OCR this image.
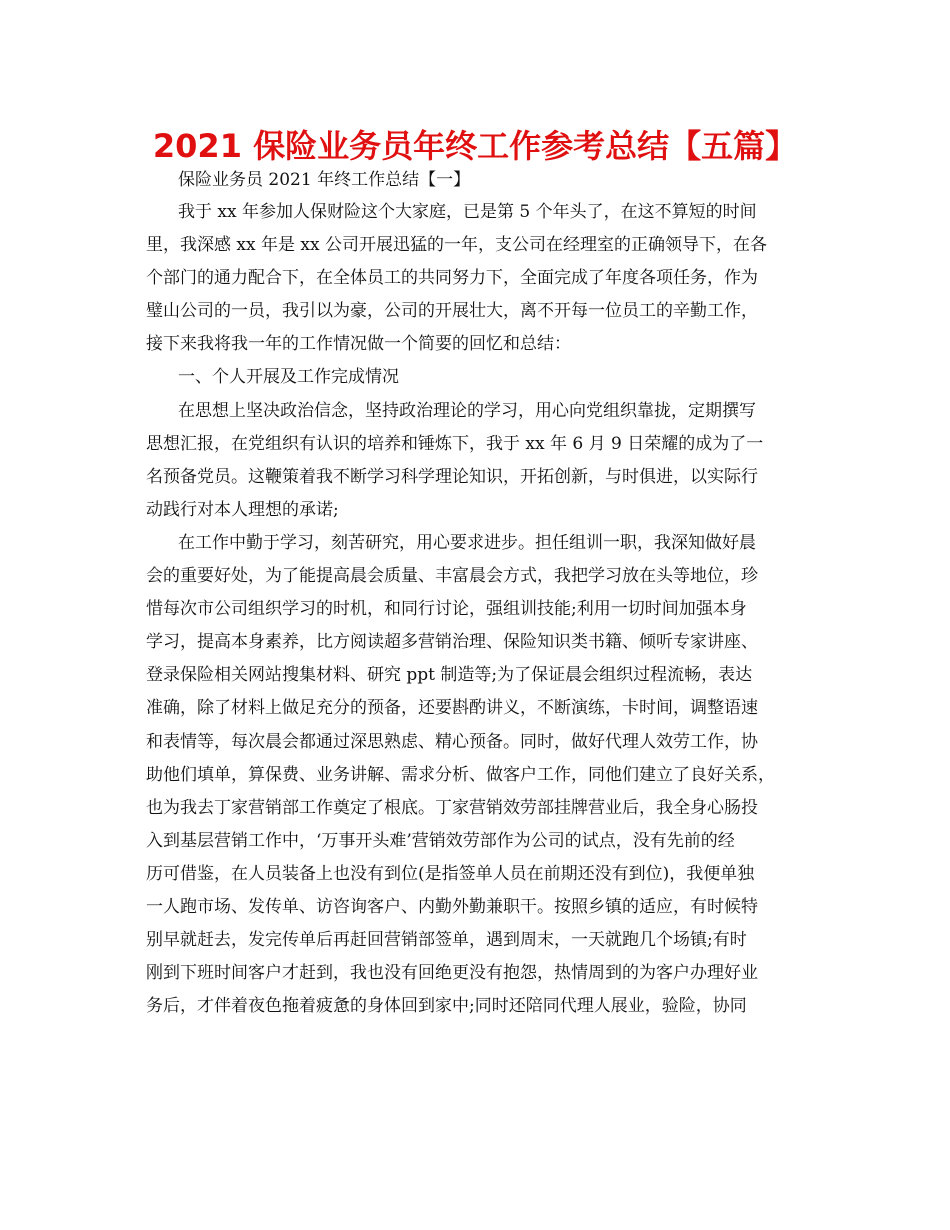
2021 保险业务员年终工作参考总结【五篇】
保险业务员 2021 年终工作总结【一】
我于 xx 年参加人保财险这个大家庭，已是第 5 个年头了，在这不算短的时间
里，我深感 xx 年是 xx 公司开展迅猛的一年，支公司在经理室的正确领导下，在各
个部门的通力配合下，在全体员工的共同努力下，全面完成了年度各项任务，作为
璧山公司的一员，我引以为豪，公司的开展壮大，离不开每一位员工的辛勤工作，
接下来我将我一年的工作情况做一个简要的回忆和总结：
一、个人开展及工作完成情况
在思想上坚决政治信念，坚持政治理论的学习，用心向党组织靠拢，定期撰写
思想汇报，在党组织有认识的培养和锤炼下，我于 xx 年 6 月 9 日荣耀的成为了一
名预备党员。这鞭策着我不断学习科学理论知识，开拓创新，与时俱进，以实际行
动践行对本人理想的承诺;
在工作中勤于学习，刻苦研究，用心要求进步。担任组训一职，我深知做好晨
会的重要好处，为了能提高晨会质量、丰富晨会方式，我把学习放在头等地位，珍
惜每次市公司组织学习的时机，和同行讨论，强组训技能;利用一切时间加强本身
学习，提高本身素养，比方阅读超多营销治理、保险知识类书籍、倾听专家讲座、
登录保险相关网站搜集材料、研究 ppt 制造等;为了保证晨会组织过程流畅，表达
准确，除了材料上做足充分的预备，还要斟酌讲义，不断演练，卡时间，调整语速
和表情等，每次晨会都通过深思熟虑、精心预备。同时，做好代理人效劳工作，协
助他们填单，算保费、业务讲解、需求分析、做客户工作，同他们建立了良好关系，
也为我去丁家营销部工作奠定了根底。丁家营销效劳部挂牌营业后，我全身心肠投
入到基层营销工作中，‘万事开头难’营销效劳部作为公司的试点，没有先前的经
历可借鉴，在人员装备上也没有到位(是指签单人员在前期还没有到位)，我便单独
一人跑市场、发传单、访咨询客户、内勤外勤兼职干。按照乡镇的适应，有时候特
别早就赶去，发完传单后再赶回营销部签单，遇到周末，一天就跑几个场镇;有时
刚到下班时间客户才赶到，我也没有回绝更没有抱怨，热情周到的为客户办理好业
务后，才伴着夜色拖着疲惫的身体回到家中;同时还陪同代理人展业，验险，协同
